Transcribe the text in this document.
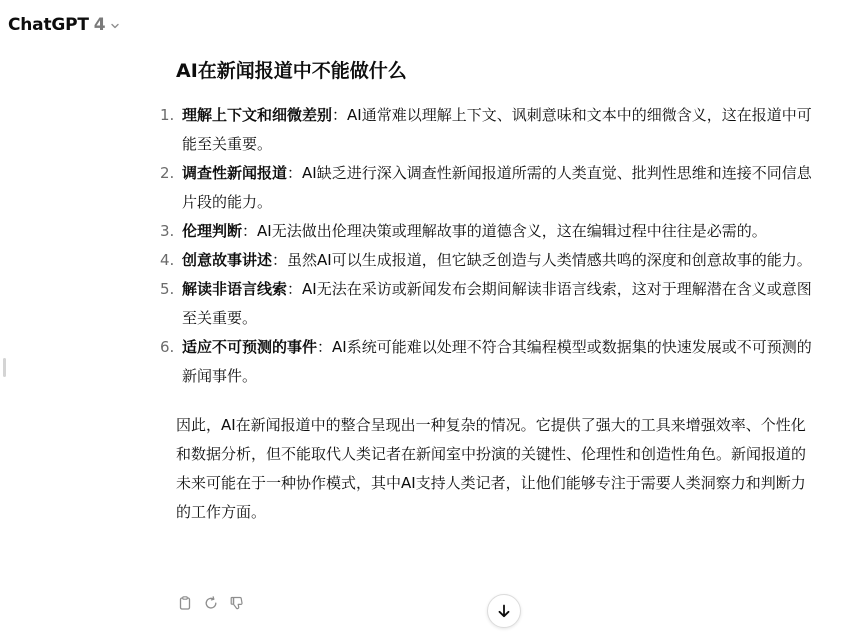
ChatGPT 4
AI在新闻报道中不能做什么
1. 理解上下文和细微差别：AI通常难以理解上下文、讽刺意味和文本中的细微含义，这在报道中可能至关重要。
2. 调查性新闻报道：AI缺乏进行深入调查性新闻报道所需的人类直觉、批判性思维和连接不同信息片段的能力。
3. 伦理判断：AI无法做出伦理决策或理解故事的道德含义，这在编辑过程中往往是必需的。
4. 创意故事讲述：虽然AI可以生成报道，但它缺乏创造与人类情感共鸣的深度和创意故事的能力。
5. 解读非语言线索：AI无法在采访或新闻发布会期间解读非语言线索，这对于理解潜在含义或意图至关重要。
6. 适应不可预测的事件：AI系统可能难以处理不符合其编程模型或数据集的快速发展或不可预测的新闻事件。

因此，AI在新闻报道中的整合呈现出一种复杂的情况。它提供了强大的工具来增强效率、个性化和数据分析，但不能取代人类记者在新闻室中扮演的关键性、伦理性和创造性角色。新闻报道的未来可能在于一种协作模式，其中AI支持人类记者，让他们能够专注于需要人类洞察力和判断力的工作方面。
